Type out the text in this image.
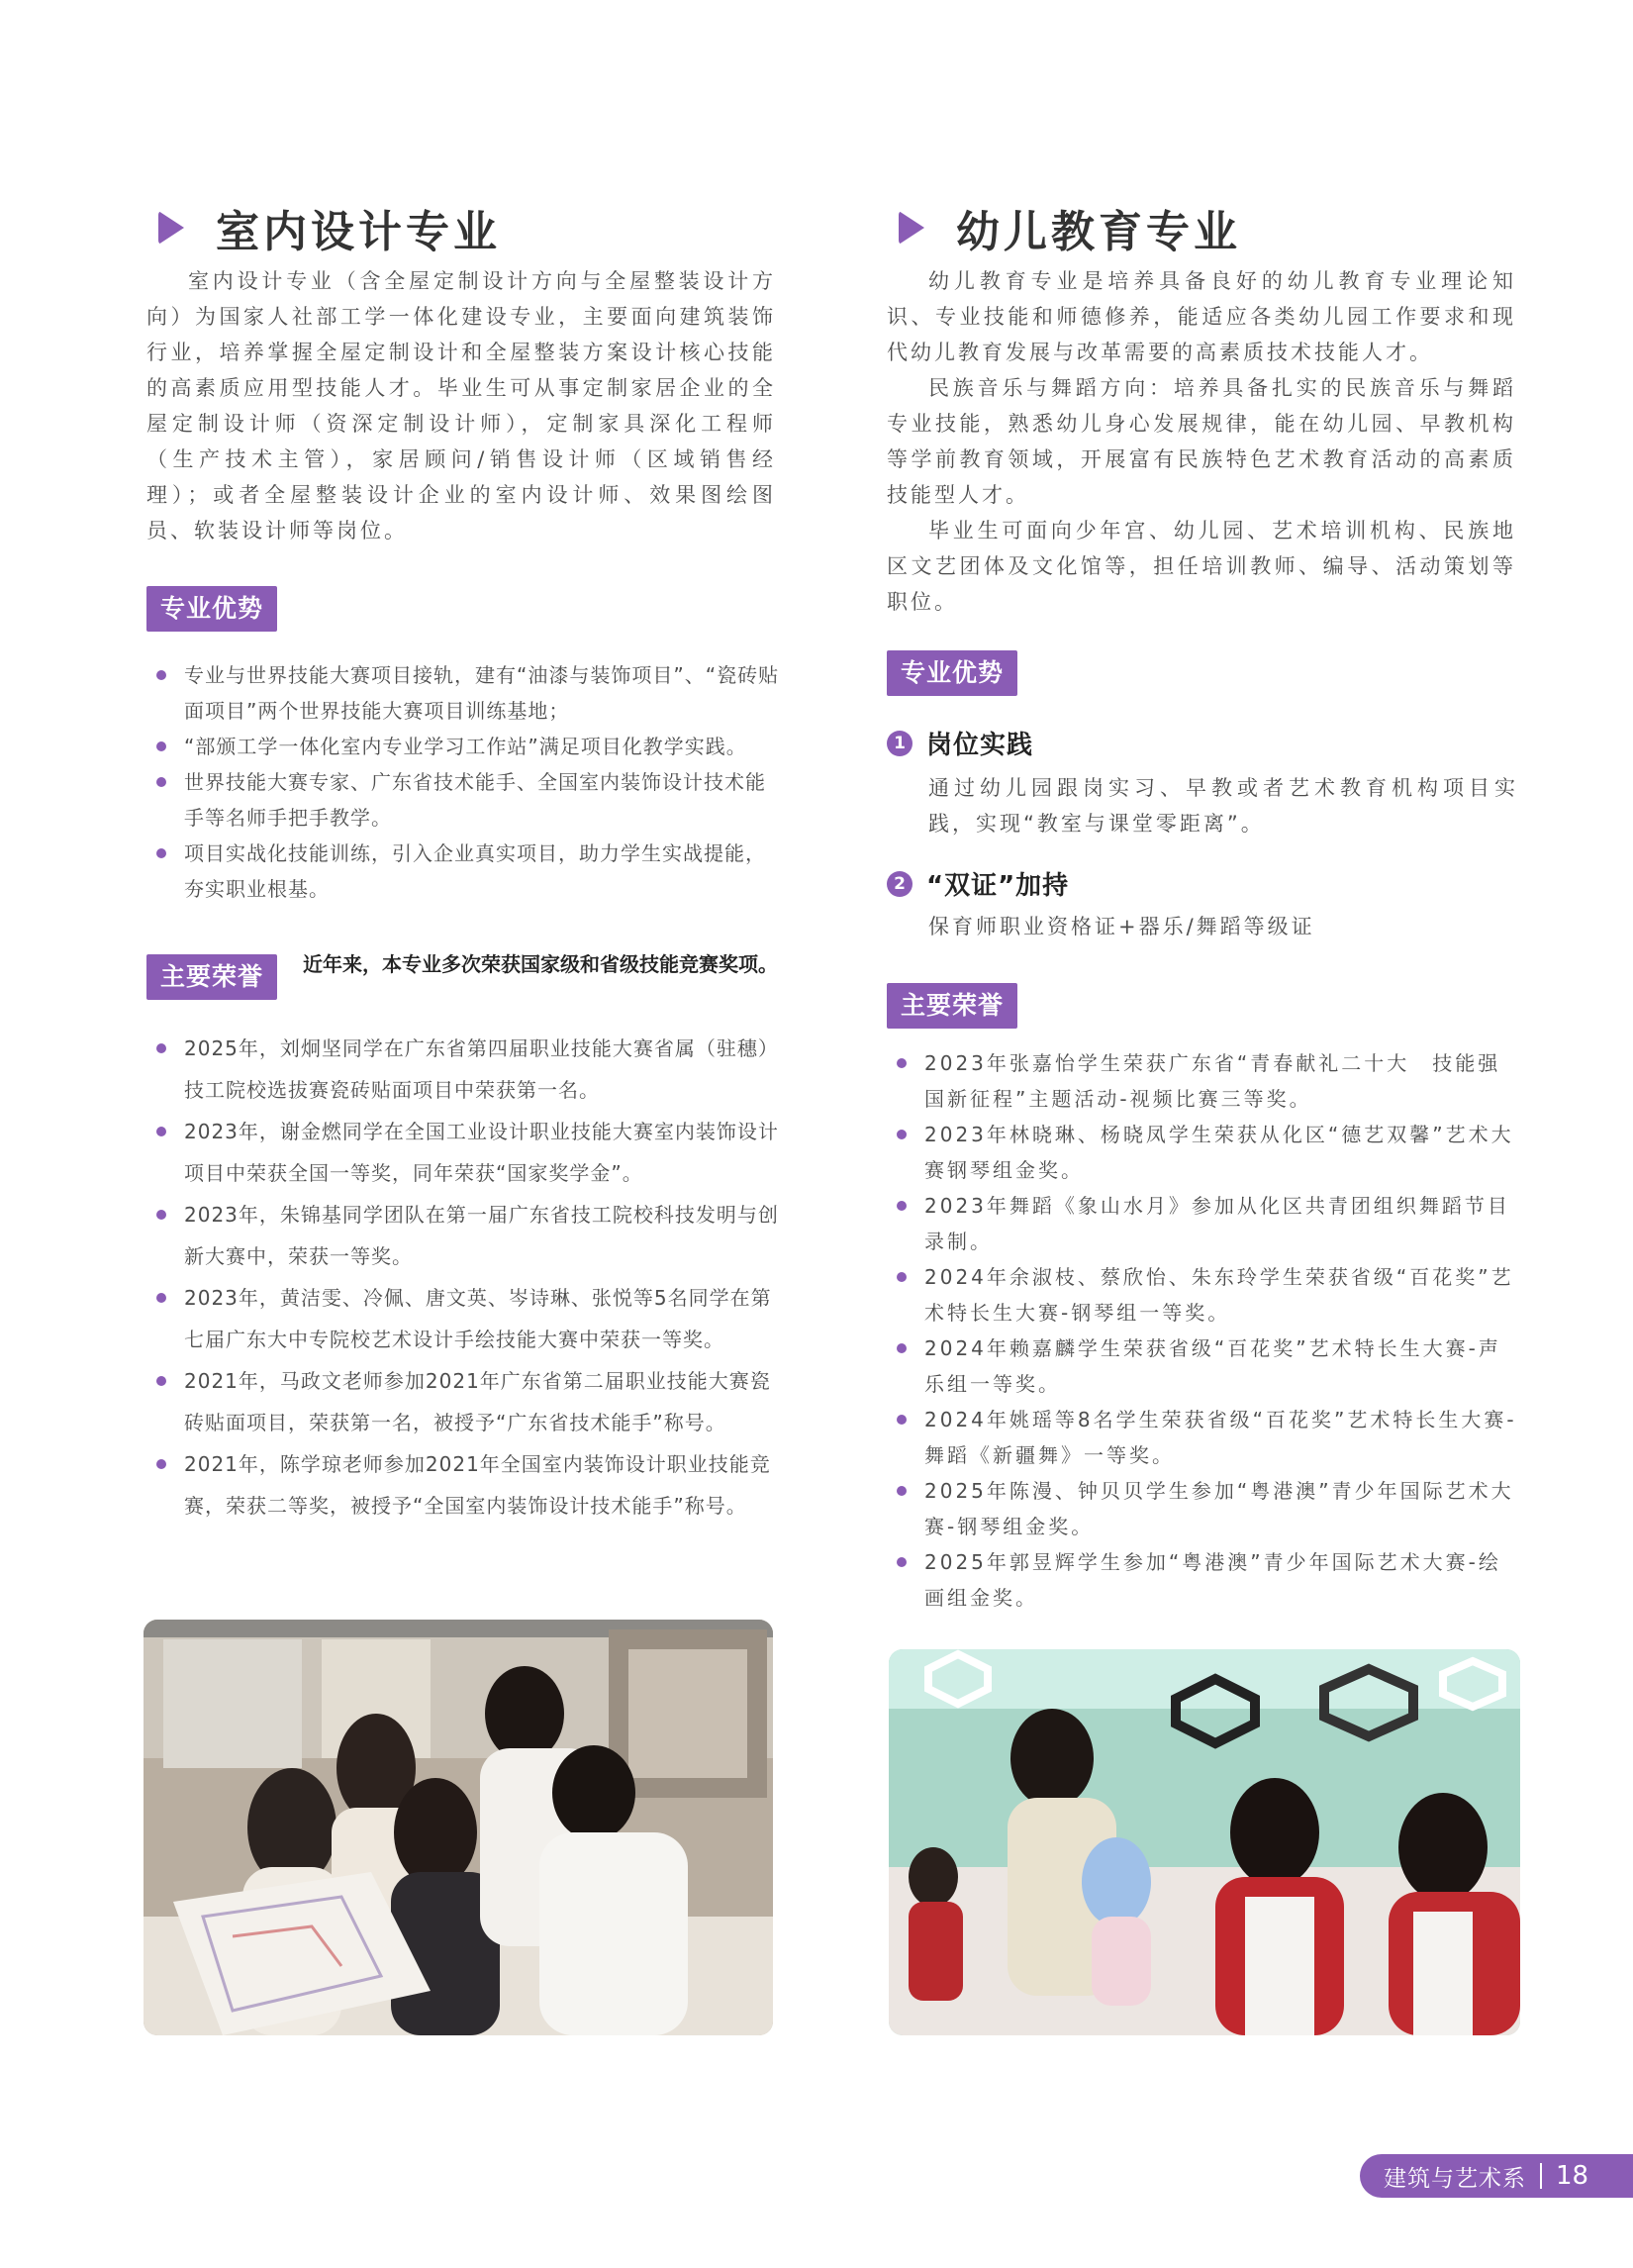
室内设计专业

室内设计专业（含全屋定制设计方向与全屋整装设计方向）为国家人社部工学一体化建设专业，主要面向建筑装饰行业，培养掌握全屋定制设计和全屋整装方案设计核心技能的高素质应用型技能人才。毕业生可从事定制家居企业的全屋定制设计师（资深定制设计师），定制家具深化工程师（生产技术主管），家居顾问/销售设计师（区域销售经理）；或者全屋整装设计企业的室内设计师、效果图绘图员、软装设计师等岗位。

专业优势
专业与世界技能大赛项目接轨，建有“油漆与装饰项目”、“瓷砖贴面项目”两个世界技能大赛项目训练基地；
“部颁工学一体化室内专业学习工作站”满足项目化教学实践。
世界技能大赛专家、广东省技术能手、全国室内装饰设计技术能手等名师手把手教学。
项目实战化技能训练，引入企业真实项目，助力学生实战提能，夯实职业根基。
主要荣誉	近年来，本专业多次荣获国家级和省级技能竞赛奖项。
2025年，刘炯坚同学在广东省第四届职业技能大赛省属（驻穗）技工院校选拔赛瓷砖贴面项目中荣获第一名。
2023年，谢金燃同学在全国工业设计职业技能大赛室内装饰设计项目中荣获全国一等奖，同年荣获“国家奖学金”。
2023年，朱锦基同学团队在第一届广东省技工院校科技发明与创新大赛中，荣获一等奖。
2023年，黄洁雯、冷佩、唐文英、岑诗琳、张悦等5名同学在第七届广东大中专院校艺术设计手绘技能大赛中荣获一等奖。
2021年，马政文老师参加2021年广东省第二届职业技能大赛瓷砖贴面项目，荣获第一名，被授予“广东省技术能手”称号。
2021年，陈学琼老师参加2021年全国室内装饰设计职业技能竞赛，荣获二等奖，被授予“全国室内装饰设计技术能手”称号。
幼儿教育专业

幼儿教育专业是培养具备良好的幼儿教育专业理论知识、专业技能和师德修养，能适应各类幼儿园工作要求和现代幼儿教育发展与改革需要的高素质技术技能人才。

民族音乐与舞蹈方向：培养具备扎实的民族音乐与舞蹈专业技能，熟悉幼儿身心发展规律，能在幼儿园、早教机构等学前教育领域，开展富有民族特色艺术教育活动的高素质技能型人才。

毕业生可面向少年宫、幼儿园、艺术培训机构、民族地区文艺团体及文化馆等，担任培训教师、编导、活动策划等职位。

专业优势
1 岗位实践

通过幼儿园跟岗实习、早教或者艺术教育机构项目实践，实现“教室与课堂零距离”。

2 “双证”加持

保育师职业资格证+器乐/舞蹈等级证

主要荣誉
2023年张嘉怡学生荣获广东省“青春献礼二十大　技能强国新征程”主题活动-视频比赛三等奖。
2023年林晓琳、杨晓凤学生荣获从化区“德艺双馨”艺术大赛钢琴组金奖。
2023年舞蹈《象山水月》参加从化区共青团组织舞蹈节目录制。
2024年余淑枝、蔡欣怡、朱东玲学生荣获省级“百花奖”艺术特长生大赛-钢琴组一等奖。
2024年赖嘉麟学生荣获省级“百花奖”艺术特长生大赛-声乐组一等奖。
2024年姚瑶等8名学生荣获省级“百花奖”艺术特长生大赛-舞蹈《新疆舞》一等奖。
2025年陈漫、钟贝贝学生参加“粤港澳”青少年国际艺术大赛-钢琴组金奖。
2025年郭昱辉学生参加“粤港澳”青少年国际艺术大赛-绘画组金奖。
建筑与艺术系 18
